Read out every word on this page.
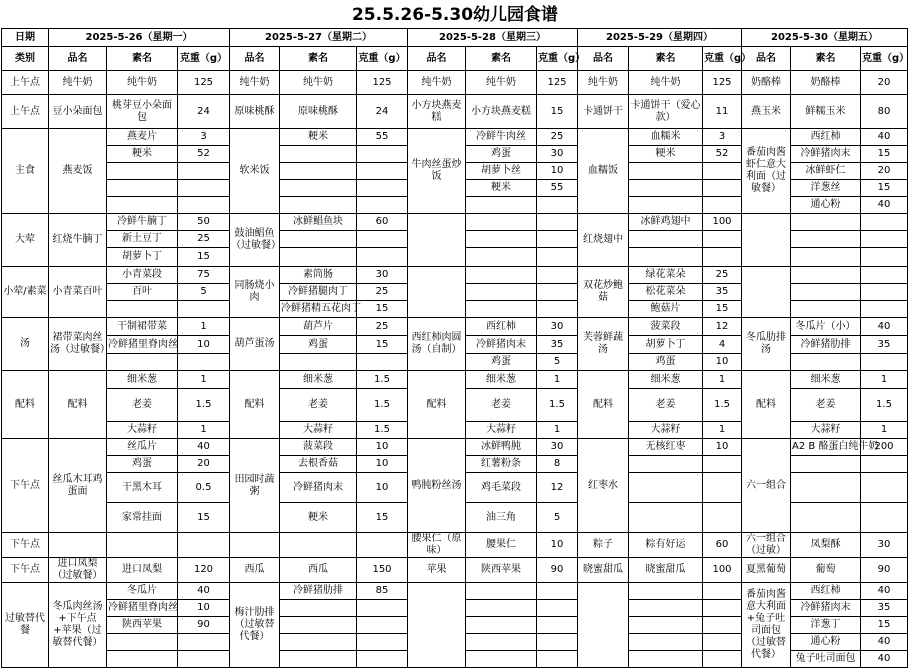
25.5.26-5.30幼儿园食谱
日期	2025-5-26（星期一）			2025-5-27（星期二）			2025-5-28（星期三）			2025-5-29（星期四）			2025-5-30（星期五）		
类别	品名	素名	克重（g）	品名	素名	克重（g）	品名	素名	克重（g）	品名	素名	克重（g）	品名	素名	克重（g）
上午点	纯牛奶	纯牛奶	125	纯牛奶	纯牛奶	125	纯牛奶	纯牛奶	125	纯牛奶	纯牛奶	125	奶酪棒	奶酪棒	20
上午点	豆小朵面包	桃芽豆小朵面包	24	原味桃酥	原味桃酥	24	小方块燕麦糕	小方块燕麦糕	15	卡通饼干	卡通饼干（爱心款）	11	燕玉米	鲜糯玉米	80
主食	燕麦饭	燕麦片	3	软米饭	粳米	55	牛肉丝蛋炒饭	冷鲜牛肉丝	25	血糯饭	血糯米	3	番茄肉酱虾仁意大利面（过敏餐）	西红柿	40
		粳米	52					鸡蛋	30		粳米	52		冷鲜猪肉末	15
								胡萝卜丝	10					冰鲜虾仁	20
								粳米	55					洋葱丝	15
														通心粉	40
大荤	红烧牛腩丁	冷鲜牛腩丁	50	鼓油鲳鱼（过敏餐）	冰鲜鲳鱼块	60				红烧翅中	冰鲜鸡翅中	100			
		新土豆丁	25												
		胡萝卜丁	15												
小荤/素菜	小青菜百叶	小青菜段	75	同肠烧小肉	素筒肠	30				双花炒鲍菇	绿花菜朵	25			
		百叶	5		冷鲜猪腿肉丁	25					松花菜朵	35			
					冷鲜猪精五花肉丁	15					鲍菇片	15			
汤	裙带菜肉丝汤（过敏餐）	干制裙带菜	1	葫芦蛋汤	葫芦片	25	西红柿肉圆汤（自制）	西红柿	30	芙蓉鲜蔬汤	菠菜段	12	冬瓜肋排汤	冬瓜片（小）	40
		冷鲜猪里脊肉丝	10		鸡蛋	15		冷鲜猪肉末	35		胡萝卜丁	4		冷鲜猪肋排	35
								鸡蛋	5		鸡蛋	10			
配料	配料	细米葱	1	配料	细米葱	1.5	配料	细米葱	1	配料	细米葱	1	配料	细米葱	1
		老姜	1.5		老姜	1.5		老姜	1.5		老姜	1.5		老姜	1.5
		大蒜籽	1		大蒜籽	1.5		大蒜籽	1		大蒜籽	1		大蒜籽	1
下午点	丝瓜木耳鸡蛋面	丝瓜片	40	田园时蔬粥	菠菜段	10	鸭肫粉丝汤	冰鲜鸭肫	30	红枣水	无核红枣	10	六一组合	A2 B 酪蛋白纯牛奶	200
		鸡蛋	20		去根香菇	10		红薯粉条	8						
		干黑木耳	0.5		冷鲜猪肉末	10		鸡毛菜段	12						
		家常挂面	15		粳米	15		油三角	5						
下午点							腰果仁（原味）	腰果仁	10	粽子	粽有好运	60	六一组合（过敏）	凤梨酥	30
下午点	进口凤梨（过敏餐）	进口凤梨	120	西瓜	西瓜	150	苹果	陕西苹果	90	晓蜜甜瓜	晓蜜甜瓜	100	夏黑葡萄	葡萄	90
过敏替代餐	冬瓜肉丝汤+下午点+苹果（过敏替代餐）	冬瓜片	40	梅汁肋排（过敏替代餐）	冷鲜猪肋排	85							番茄肉酱意大利面+兔子吐司面包（过敏替代餐）	西红柿	40
		冷鲜猪里脊肉丝	10											冷鲜猪肉末	35
		陕西苹果	90											洋葱丁	15
														通心粉	40
														兔子吐司面包	40
